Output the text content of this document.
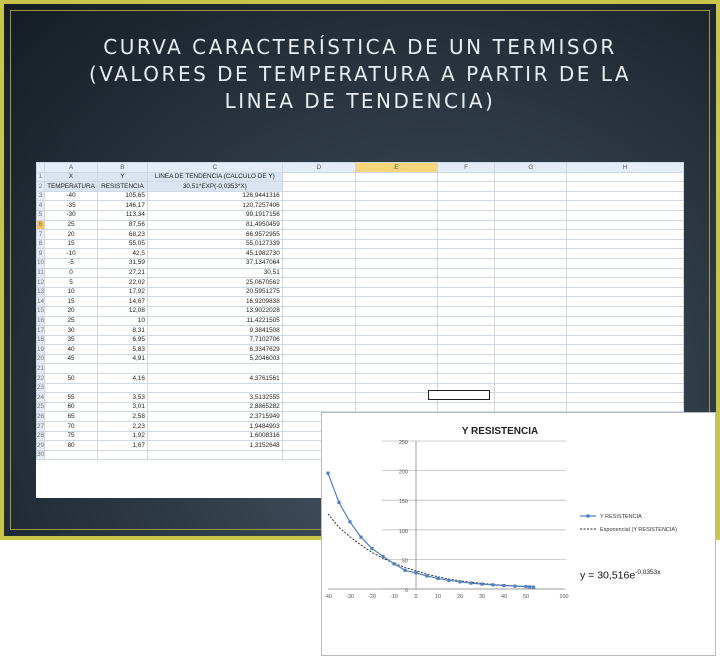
CURVA CARACTERÍSTICA DE UN TERMISOR
(VALORES DE TEMPERATURA A PARTIR DE LA
LINEA DE TENDENCIA)
	A	B	C	D	E	F	G	H
1	X	Y	LINEA DE TENDENCIA (CALCULO DE Y)					
2	TEMPERATURA	RESISTENCIA	30,51*EXP(-0,0353*X)					
3	-40	105,65	126,9441316					
4	-35	146,17	120,7257406					
5	-30	113,34	99,1917156					
6	25	87,56	81,4950459					
7	20	68,23	66,9572955					
8	15	55,05	55,0127339					
9	-10	42,5	45,1982730					
10	-5	31,59	37,1347064					
11	0	27,21	30,51					
12	5	22,02	25,0670562					
13	10	17,92	20,5951275					
14	15	14,67	16,9209838					
15	20	12,08	13,9022028					
16	25	10	11,4221505					
17	30	8,31	9,3841508					
18	35	6,95	7,7102706					
19	40	5,83	6,3347629					
20	45	4,91	5,2046003					
21								
22	50	4,16	4,3761561					
23								
24	55	3,53	3,5132555					
25	60	3,01	2,8865282					
26	65	2,58	2,3715949					
27	70	2,23	1,9484903					
28	75	1,92	1,6008316					
29	80	1,67	1,3152648					
30								
Y RESISTENCIA
0
50
100
150
200
250
-40	-30	-20	-10	0	10	20	30	40	50	100
Y RESISTENCIA
Exponencial (Y RESISTENCIA)
$y = 30,516e^{-0,0353x}$
